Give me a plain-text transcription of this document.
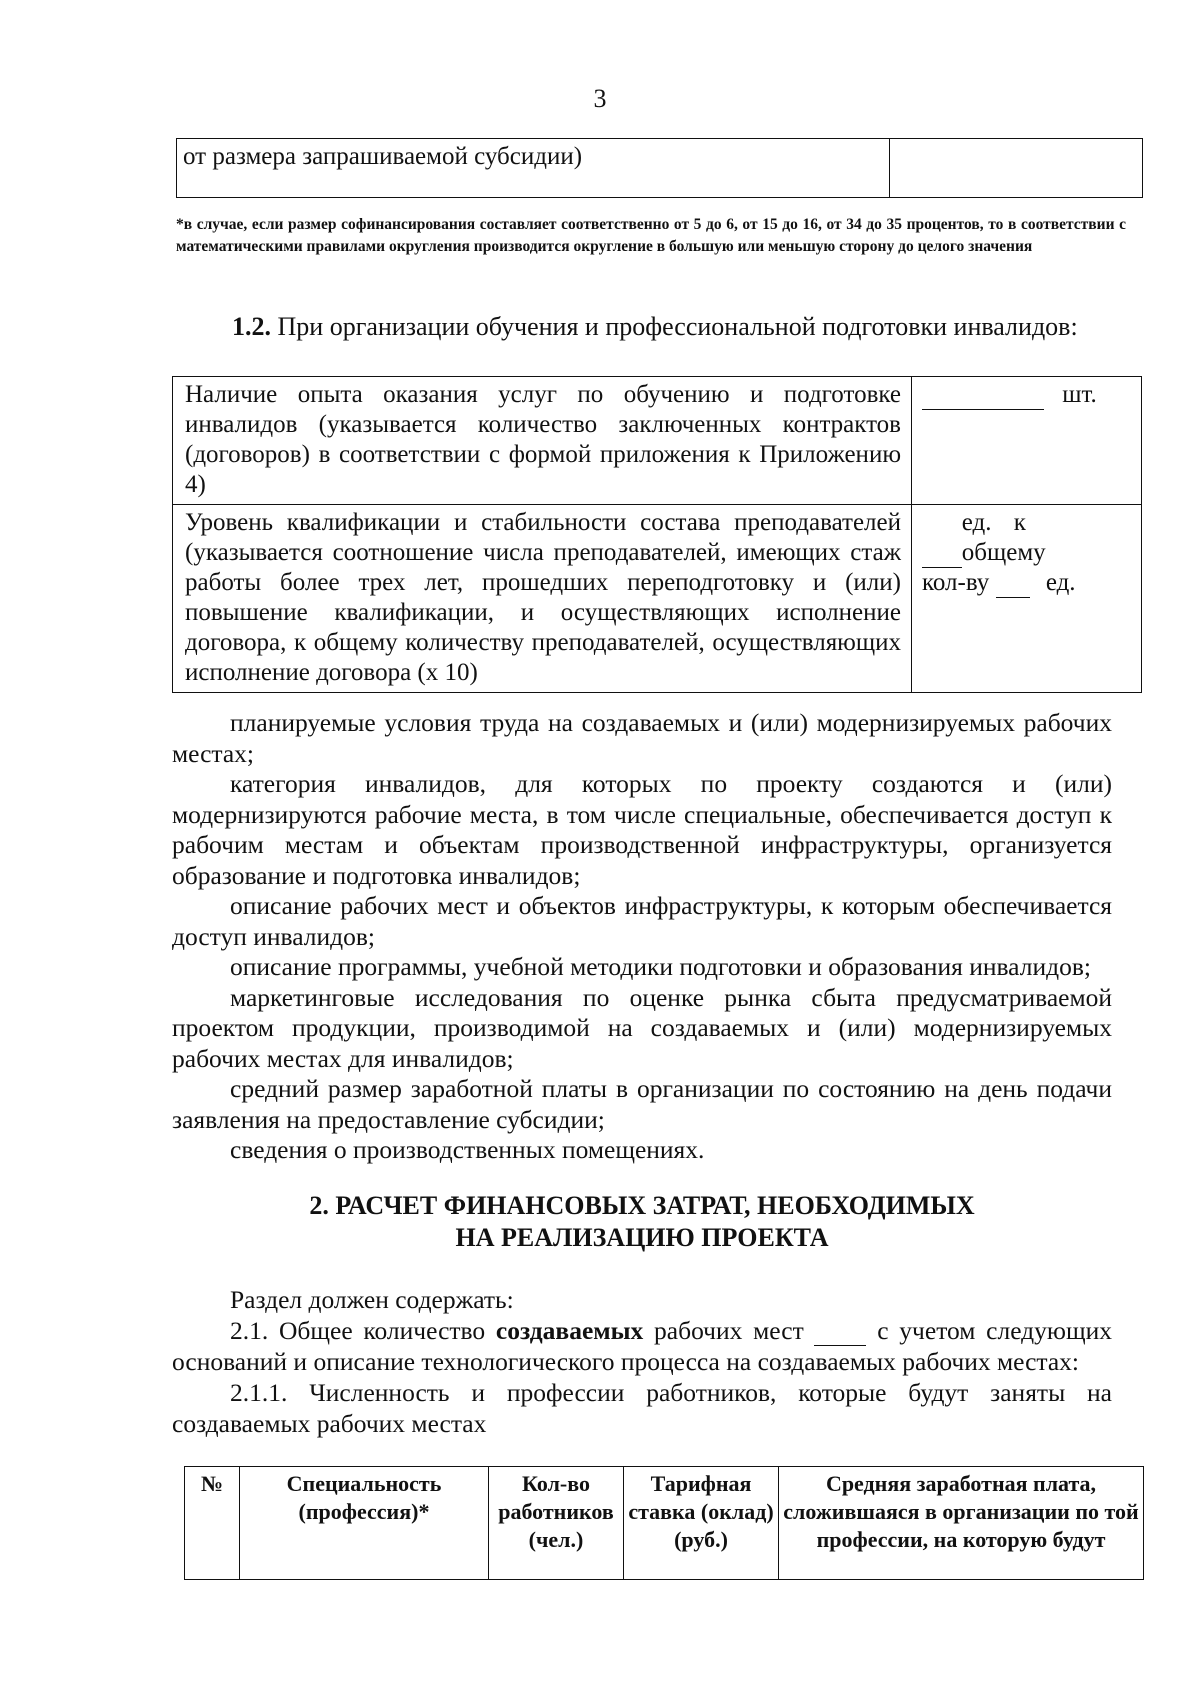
3
от размера запрашиваемой субсидии)	
*в случае, если размер софинансирования составляет соответственно от 5 до 6, от 15 до 16, от 34 до 35 процентов, то в соответствии с математическими правилами округления производится округление в большую или меньшую сторону до целого значения
1.2. При организации обучения и профессиональной подготовки инвалидов:
Наличие опыта оказания услуг по обучению и подготовке инвалидов (указывается количество заключенных контрактов (договоров) в соответствии с формой приложения к Приложению 4)	шт.
Уровень квалификации и стабильности состава преподавателей (указывается соотношение числа преподавателей, имеющих стаж работы более трех лет, прошедших переподготовку и (или) повышение квалификации, и осуществляющих исполнение договора, к общему количеству преподавателей, осуществляющих исполнение договора (х 10)	ед. к общему
кол-ву ед.

планируемые условия труда на создаваемых и (или) модернизируемых рабочих местах;

категория инвалидов, для которых по проекту создаются и (или) модернизируются рабочие места, в том числе специальные, обеспечивается доступ к рабочим местам и объектам производственной инфраструктуры, организуется образование и подготовка инвалидов;

описание рабочих мест и объектов инфраструктуры, к которым обеспечивается доступ инвалидов;

описание программы, учебной методики подготовки и образования инвалидов;

маркетинговые исследования по оценке рынка сбыта предусматриваемой проектом продукции, производимой на создаваемых и (или) модернизируемых рабочих местах для инвалидов;

средний размер заработной платы в организации по состоянию на день подачи заявления на предоставление субсидии;

сведения о производственных помещениях.

2. РАСЧЕТ ФИНАНСОВЫХ ЗАТРАТ, НЕОБХОДИМЫХ
НА РЕАЛИЗАЦИЮ ПРОЕКТА

Раздел должен содержать:

2.1. Общее количество создаваемых рабочих мест  с учетом следующих оснований и описание технологического процесса на создаваемых рабочих местах:

2.1.1. Численность и профессии работников, которые будут заняты на создаваемых рабочих местах

№	Специальность (профессия)*	Кол-во работников (чел.)	Тарифная ставка (оклад) (руб.)	Средняя заработная плата, сложившаяся в организации по той профессии, на которую будут
